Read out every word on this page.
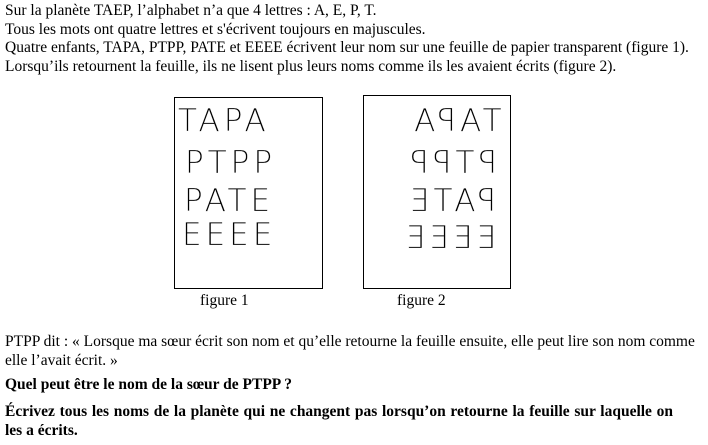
Sur la planète TAEP, l’alphabet n’a que 4 lettres : A, E, P, T.

Tous les mots ont quatre lettres et s'écrivent toujours en majuscules.

Quatre enfants, TAPA, PTPP, PATE et EEEE écrivent leur nom sur une feuille de papier transparent (figure 1). Lorsqu’ils retournent la feuille, ils ne lisent plus leurs noms comme ils les avaient écrits (figure 2).

TAPA
PTPP
PATE
EEEE
TAPA
PTPP
PATE
EEEE
figure 1	figure 2
PTPP dit : « Lorsque ma sœur écrit son nom et qu’elle retourne la feuille ensuite, elle peut lire son nom comme elle l’avait écrit. »
Quel peut être le nom de la sœur de PTPP ?
Écrivez tous les noms de la planète qui ne changent pas lorsqu’on retourne la feuille sur laquelle on les a écrits.
